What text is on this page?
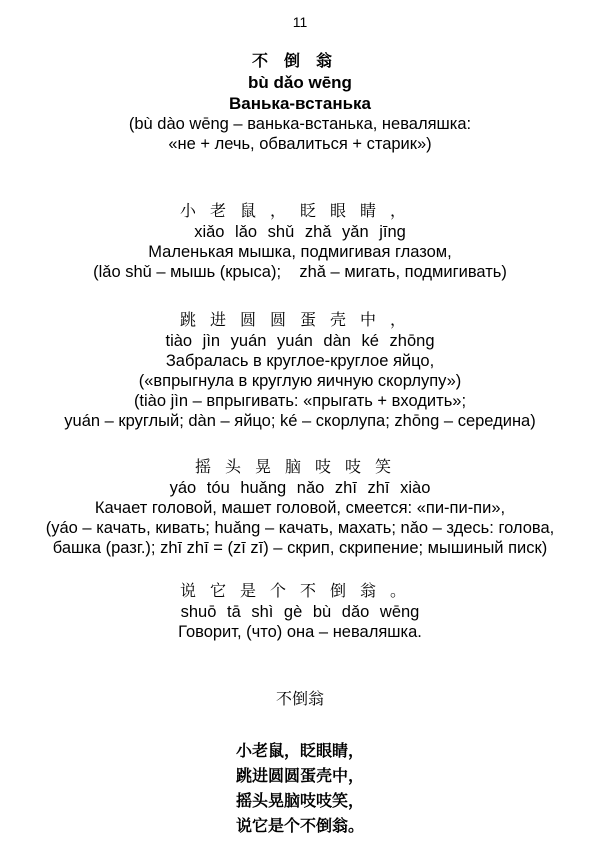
11
不倒翁
bù dǎo wēng
Ванька-встанька
(bù dào wēng – ванька-встанька, неваляшка:
«не + лечь, обвалиться + старик»)
小老鼠，眨眼睛，
xiǎo lǎo shǔ zhǎ yǎn jīng
Маленькая мышка, подмигивая глазом,
(lǎo shǔ – мышь (крыса);    zhǎ – мигать, подмигивать)
跳进圆圆蛋壳中，
tiào jìn yuán yuán dàn ké zhōng
Забралась в круглое-круглое яйцо,
(«впрыгнула в круглую яичную скорлупу»)
(tiào jìn – впрыгивать: «прыгать + входить»;
yuán – круглый; dàn – яйцо; ké – скорлупа; zhōng – середина)
摇头晃脑吱吱笑
yáo tóu huǎng nǎo zhī zhī xiào
Качает головой, машет головой, смеется: «пи-пи-пи»,
(yáo – качать, кивать; huǎng – качать, махать; nǎo – здесь: голова,
башка (разг.); zhī zhī = (zī zī) – скрип, скрипение; мышиный писк)
说它是个不倒翁。
shuō tā shì gè bù dǎo wēng
Говорит, (что) она – неваляшка.
不倒翁
小老鼠，眨眼睛，
跳进圆圆蛋壳中，
摇头晃脑吱吱笑，
说它是个不倒翁。
